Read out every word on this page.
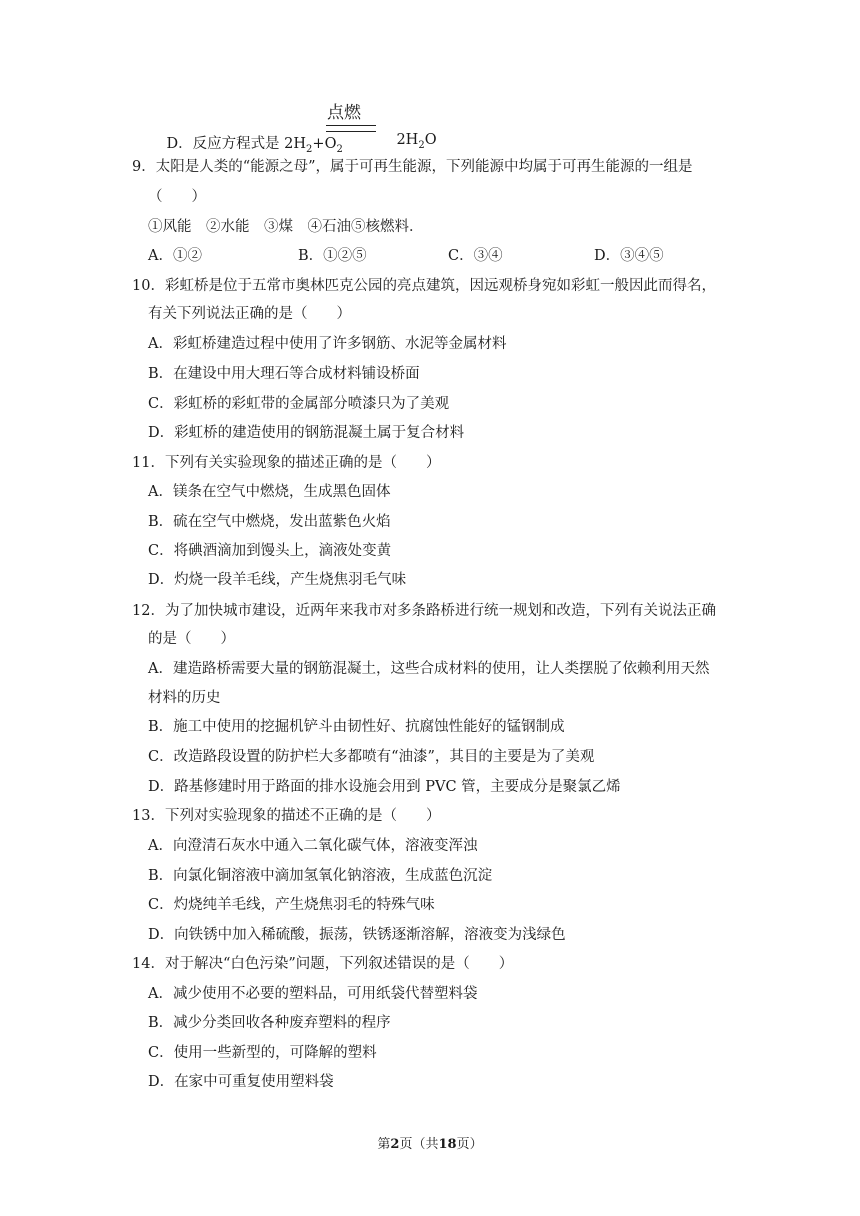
D．反应方程式是 $2H_2+O_2$

点燃

$2H_2O$

9．太阳是人类的“能源之母”，属于可再生能源，下列能源中均属于可再生能源的一组是
（　　）
①风能　②水能　③煤　④石油⑤核燃料．
A．①②	B．①②⑤	C．③④	D．③④⑤
10．彩虹桥是位于五常市奥林匹克公园的亮点建筑，因远观桥身宛如彩虹一般因此而得名，
有关下列说法正确的是（　　）
A．彩虹桥建造过程中使用了许多钢筋、水泥等金属材料
B．在建设中用大理石等合成材料铺设桥面
C．彩虹桥的彩虹带的金属部分喷漆只为了美观
D．彩虹桥的建造使用的钢筋混凝土属于复合材料
11．下列有关实验现象的描述正确的是（　　）
A．镁条在空气中燃烧，生成黑色固体
B．硫在空气中燃烧，发出蓝紫色火焰
C．将碘酒滴加到馒头上，滴液处变黄
D．灼烧一段羊毛线，产生烧焦羽毛气味
12．为了加快城市建设，近两年来我市对多条路桥进行统一规划和改造，下列有关说法正确
的是（　　）
A．建造路桥需要大量的钢筋混凝土，这些合成材料的使用，让人类摆脱了依赖利用天然
材料的历史
B．施工中使用的挖掘机铲斗由韧性好、抗腐蚀性能好的锰钢制成
C．改造路段设置的防护栏大多都喷有“油漆”，其目的主要是为了美观
D．路基修建时用于路面的排水设施会用到 PVC 管，主要成分是聚氯乙烯
13．下列对实验现象的描述不正确的是（　　）
A．向澄清石灰水中通入二氧化碳气体，溶液变浑浊
B．向氯化铜溶液中滴加氢氧化钠溶液，生成蓝色沉淀
C．灼烧纯羊毛线，产生烧焦羽毛的特殊气味
D．向铁锈中加入稀硫酸，振荡，铁锈逐渐溶解，溶液变为浅绿色
14．对于解决“白色污染”问题，下列叙述错误的是（　　）
A．减少使用不必要的塑料品，可用纸袋代替塑料袋
B．减少分类回收各种废弃塑料的程序
C．使用一些新型的，可降解的塑料
D．在家中可重复使用塑料袋
第2页（共18页）
